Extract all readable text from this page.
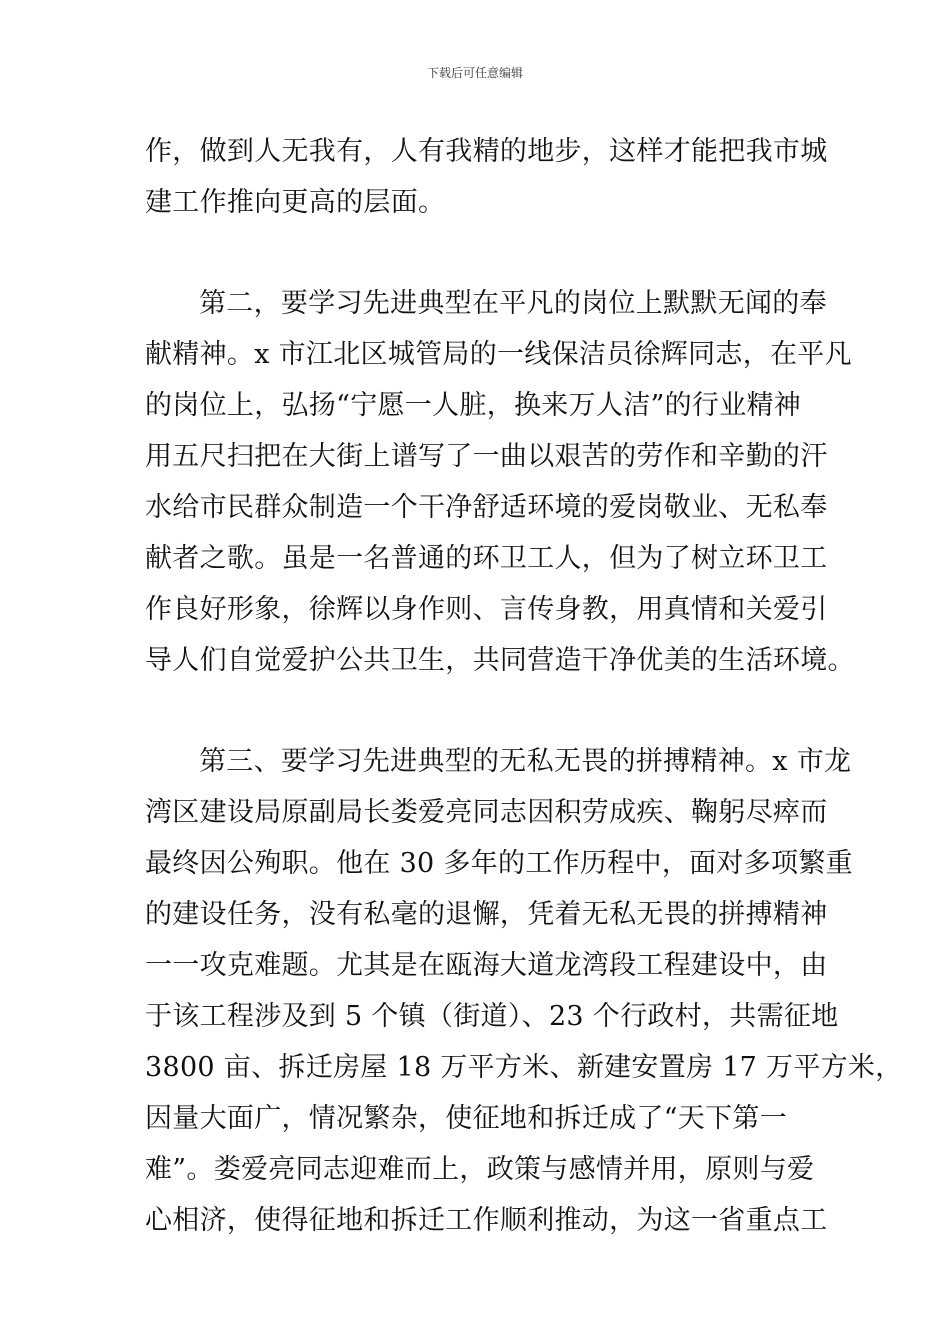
下载后可任意编辑
作，做到人无我有，人有我精的地步，这样才能把我市城
建工作推向更高的层面。
第二，要学习先进典型在平凡的岗位上默默无闻的奉
献精神。x 市江北区城管局的一线保洁员徐辉同志，在平凡
的岗位上，弘扬“宁愿一人脏，换来万人洁”的行业精神
用五尺扫把在大街上谱写了一曲以艰苦的劳作和辛勤的汗
水给市民群众制造一个干净舒适环境的爱岗敬业、无私奉
献者之歌。虽是一名普通的环卫工人，但为了树立环卫工
作良好形象，徐辉以身作则、言传身教，用真情和关爱引
导人们自觉爱护公共卫生，共同营造干净优美的生活环境。
第三、要学习先进典型的无私无畏的拼搏精神。x 市龙
湾区建设局原副局长娄爱亮同志因积劳成疾、鞠躬尽瘁而
最终因公殉职。他在 30 多年的工作历程中，面对多项繁重
的建设任务，没有私毫的退懈，凭着无私无畏的拼搏精神
一一攻克难题。尤其是在瓯海大道龙湾段工程建设中，由
于该工程涉及到 5 个镇（街道）、23 个行政村，共需征地
3800 亩、拆迁房屋 18 万平方米、新建安置房 17 万平方米，
因量大面广，情况繁杂，使征地和拆迁成了“天下第一
难”。娄爱亮同志迎难而上，政策与感情并用，原则与爱
心相济，使得征地和拆迁工作顺利推动，为这一省重点工
